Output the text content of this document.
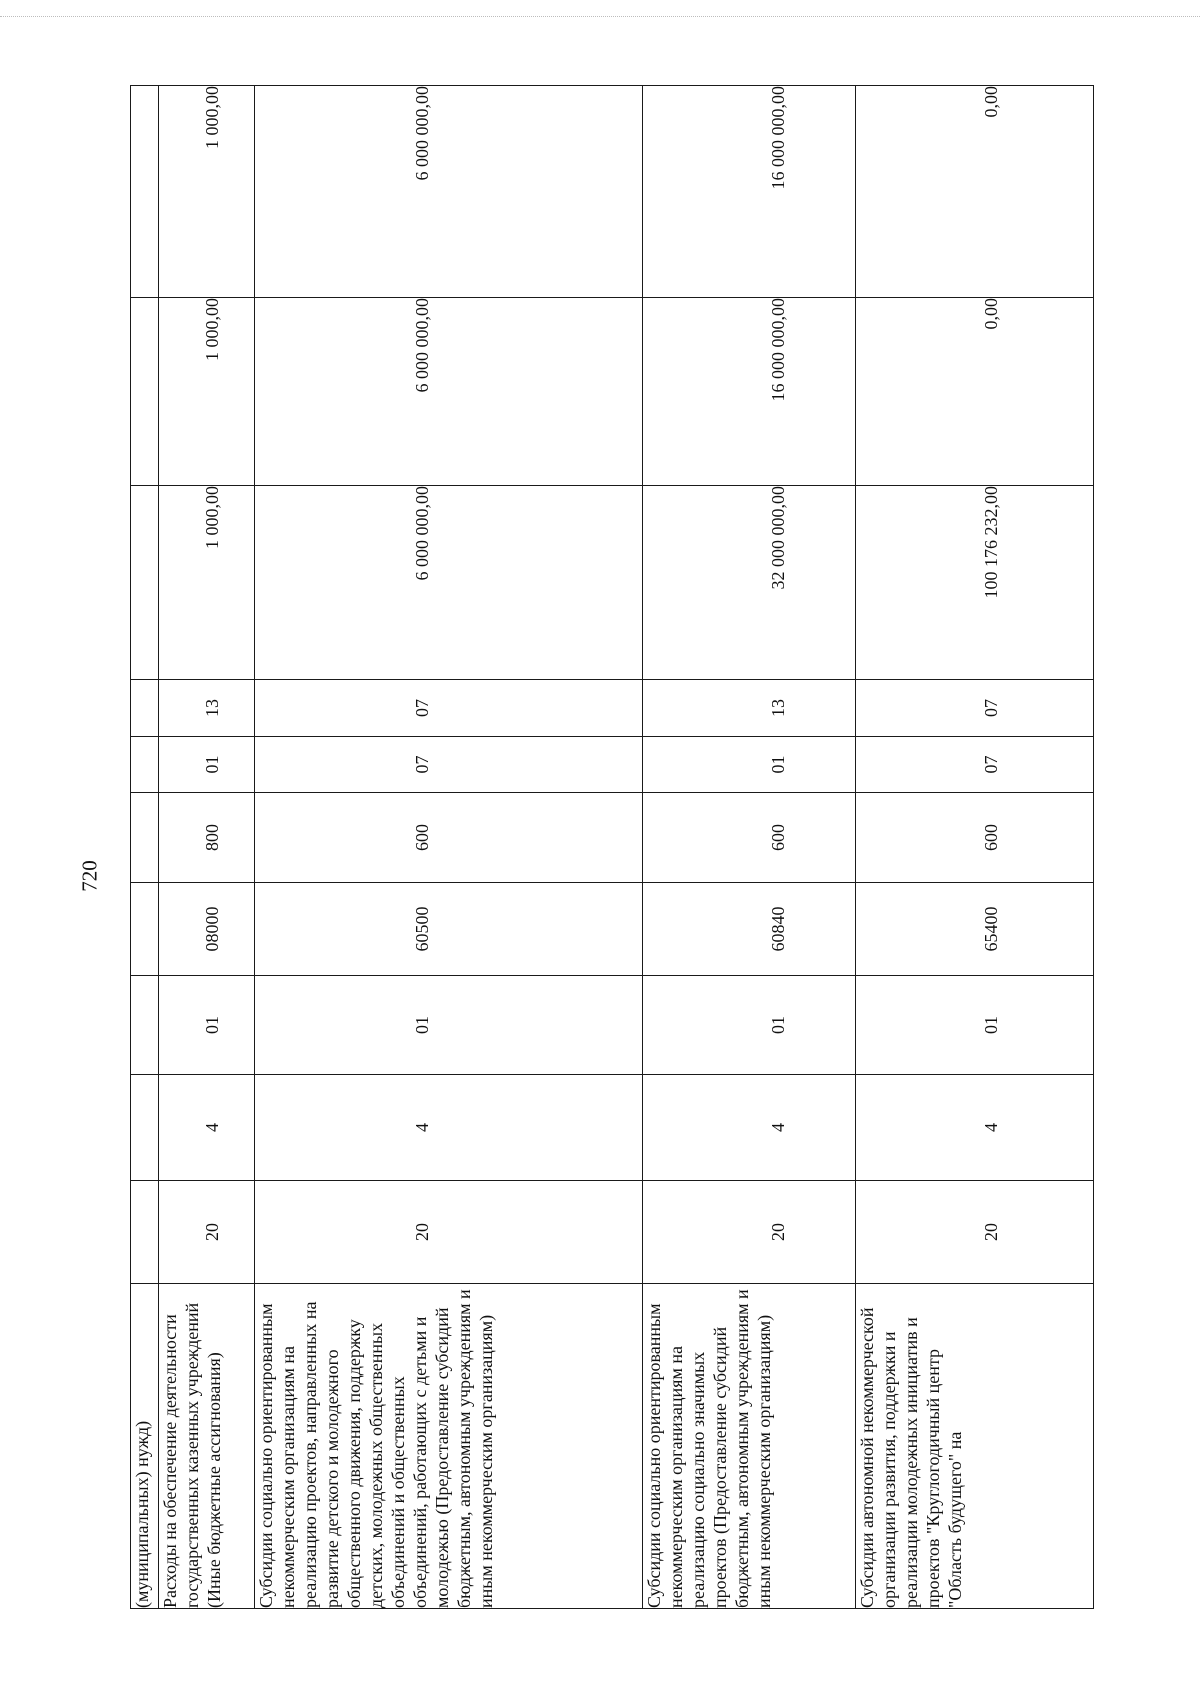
720
(муниципальных) нужд)										
Расходы на обеспечение деятельности государственных казенных учреждений (Иные бюджетные ассигнования)	20	4	01	08000	800	01	13	1 000,00	1 000,00	1 000,00
Субсидии социально ориентированным некоммерческим организациям на реализацию проектов, направленных на развитие детского и молодежного общественного движения, поддержку детских, молодежных общественных объединений и общественных объединений, работающих с детьми и молодежью (Предоставление субсидий бюджетным, автономным учреждениям и иным некоммерческим организациям)	20	4	01	60500	600	07	07	6 000 000,00	6 000 000,00	6 000 000,00
Субсидии социально ориентированным некоммерческим организациям на реализацию социально значимых проектов (Предоставление субсидий бюджетным, автономным учреждениям и иным некоммерческим организациям)	20	4	01	60840	600	01	13	32 000 000,00	16 000 000,00	16 000 000,00
Субсидии автономной некоммерческой организации развития, поддержки и реализации молодежных инициатив и проектов "Круглогодичный центр "Область будущего" на	20	4	01	65400	600	07	07	100 176 232,00	0,00	0,00
